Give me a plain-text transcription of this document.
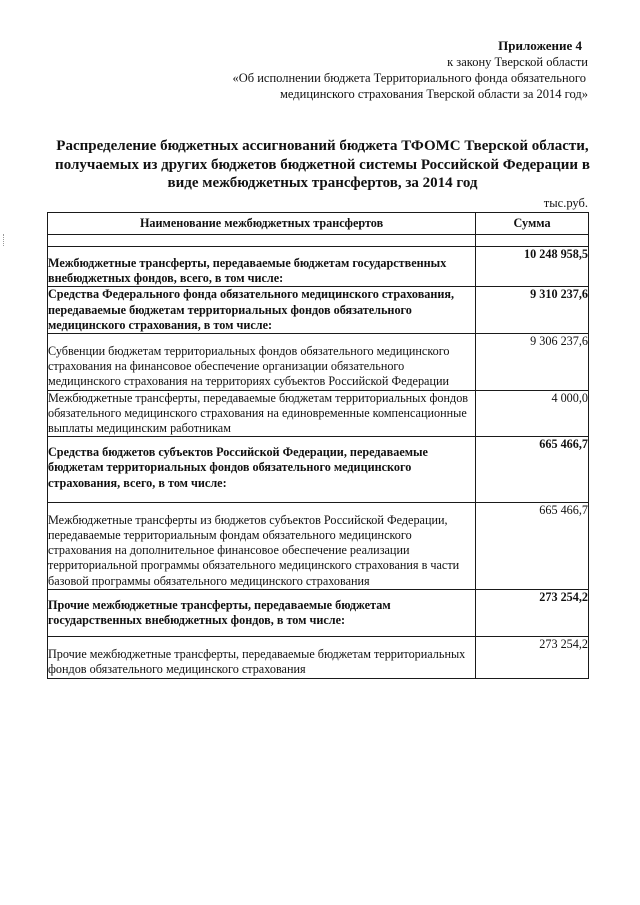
Приложение 4
к закону Тверской области
«Об исполнении бюджета Территориального фонда обязательного
медицинского страхования Тверской области за 2014 год»
Распределение бюджетных ассигнований бюджета ТФОМС Тверской области, получаемых из других бюджетов бюджетной системы Российской Федерации в виде межбюджетных трансфертов, за 2014 год
тыс.руб.
Наименование межбюджетных трансфертов	Сумма

Межбюджетные трансферты, передаваемые бюджетам государственных внебюджетных фондов, всего, в том числе:	10 248 958,5
Средства Федерального фонда обязательного медицинского страхования, передаваемые бюджетам территориальных фондов обязательного медицинского страхования, в том числе:	9 310 237,6
Субвенции бюджетам территориальных фондов обязательного медицинского страхования на финансовое обеспечение организации обязательного медицинского страхования на территориях субъектов Российской Федерации	9 306 237,6
Межбюджетные трансферты, передаваемые бюджетам территориальных фондов обязательного медицинского страхования на единовременные компенсационные выплаты медицинским работникам	4 000,0
Средства бюджетов субъектов Российской Федерации, передаваемые бюджетам территориальных фондов обязательного медицинского страхования, всего, в том числе:	665 466,7
Межбюджетные трансферты из бюджетов субъектов Российской Федерации, передаваемые территориальным фондам обязательного медицинского страхования на дополнительное финансовое обеспечение реализации территориальной программы обязательного медицинского страхования в части базовой программы обязательного медицинского страхования	665 466,7
Прочие межбюджетные трансферты, передаваемые бюджетам государственных внебюджетных фондов, в том числе:	273 254,2
Прочие межбюджетные трансферты, передаваемые бюджетам территориальных фондов обязательного медицинского страхования	273 254,2
